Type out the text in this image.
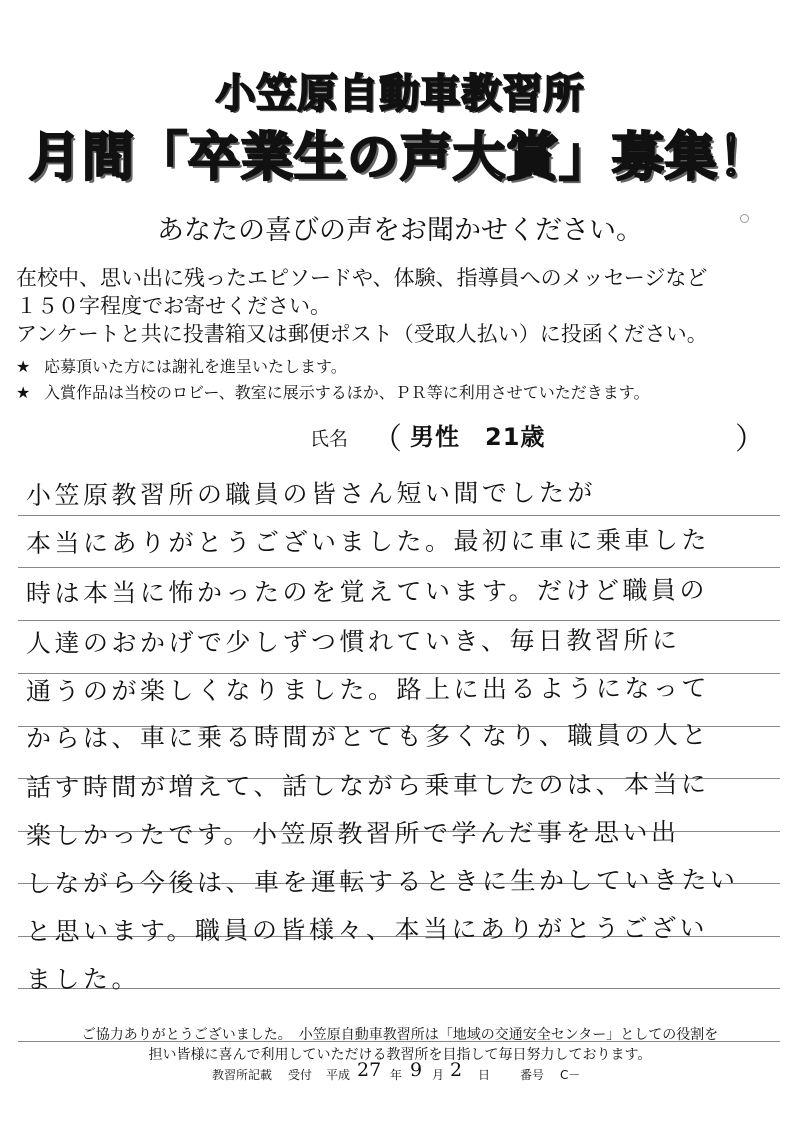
小笠原自動車教習所
月間「卒業生の声大賞」募集！
あなたの喜びの声をお聞かせください。
在校中、思い出に残ったエピソードや、体験、指導員へのメッセージなど
１５０字程度でお寄せください。
アンケートと共に投書箱又は郵便ポスト（受取人払い）に投函ください。
★ 応募頂いた方には謝礼を進呈いたします。
★ 入賞作品は当校のロビー、教室に展示するほか、ＰＲ等に利用させていただきます。
氏名 （ 男性　21歳	）
小笠原教習所の職員の皆さん短い間でしたが
本当にありがとうございました。最初に車に乗車した
時は本当に怖かったのを覚えています。だけど職員の
人達のおかげで少しずつ慣れていき、毎日教習所に
通うのが楽しくなりました。路上に出るようになって
からは、車に乗る時間がとても多くなり、職員の人と
話す時間が増えて、話しながら乗車したのは、本当に
楽しかったです。小笠原教習所で学んだ事を思い出
しながら今後は、車を運転するときに生かしていきたい
と思います。職員の皆様々、本当にありがとうござい
ました。
ご協力ありがとうございました。　小笠原自動車教習所は「地域の交通安全センター」としての役割を
担い皆様に喜んで利用していただける教習所を目指して毎日努力しております。
教習所記載 受付 平成 27 年 9 月 2 日 番号 C－
